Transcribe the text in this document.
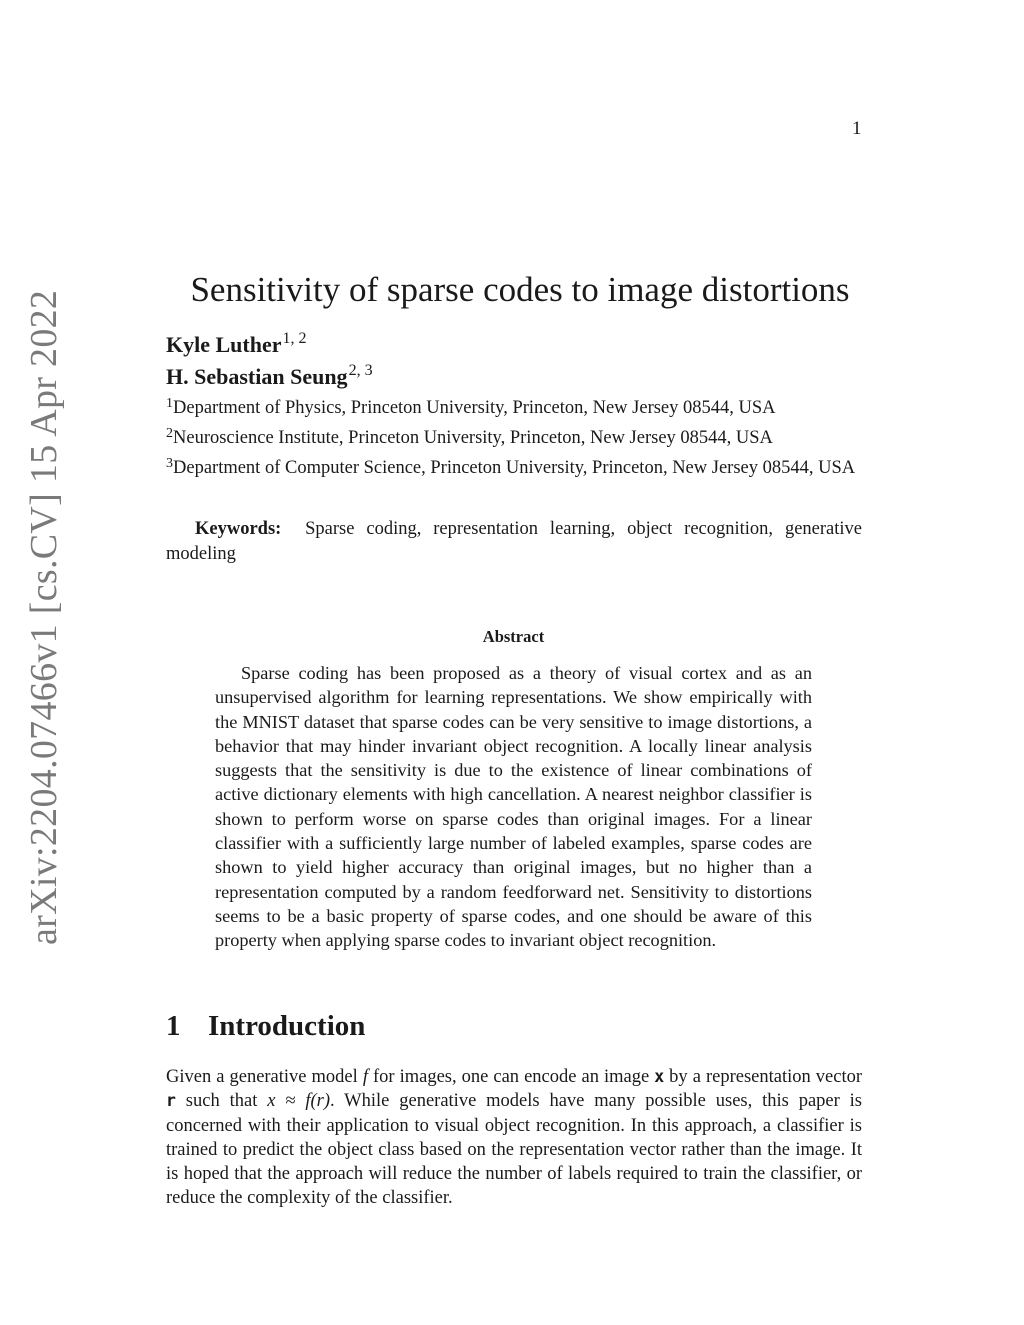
1
arXiv:2204.07466v1 [cs.CV] 15 Apr 2022
Sensitivity of sparse codes to image distortions
Kyle Luther$^{1, 2}$
H. Sebastian Seung$^{2, 3}$
$^1$Department of Physics, Princeton University, Princeton, New Jersey 08544, USA
$^2$Neuroscience Institute, Princeton University, Princeton, New Jersey 08544, USA
$^3$Department of Computer Science, Princeton University, Princeton, New Jersey 08544, USA
Keywords: Sparse coding, representation learning, object recognition, generative modeling
Abstract
Sparse coding has been proposed as a theory of visual cortex and as an unsupervised algorithm for learning representations. We show empirically with the MNIST dataset that sparse codes can be very sensitive to image distortions, a behavior that may hinder invariant object recognition. A locally linear analysis suggests that the sensitivity is due to the existence of linear combinations of active dictionary elements with high cancellation. A nearest neighbor classifier is shown to perform worse on sparse codes than original images. For a linear classifier with a sufficiently large number of labeled examples, sparse codes are shown to yield higher accuracy than original images, but no higher than a representation computed by a random feedforward net. Sensitivity to distortions seems to be a basic property of sparse codes, and one should be aware of this property when applying sparse codes to invariant object recognition.
1 Introduction
Given a generative model f for images, one can encode an image x by a representation vector r such that x ≈ f(r). While generative models have many possible uses, this paper is concerned with their application to visual object recognition. In this approach, a classifier is trained to predict the object class based on the representation vector rather than the image. It is hoped that the approach will reduce the number of labels required to train the classifier, or reduce the complexity of the classifier.
